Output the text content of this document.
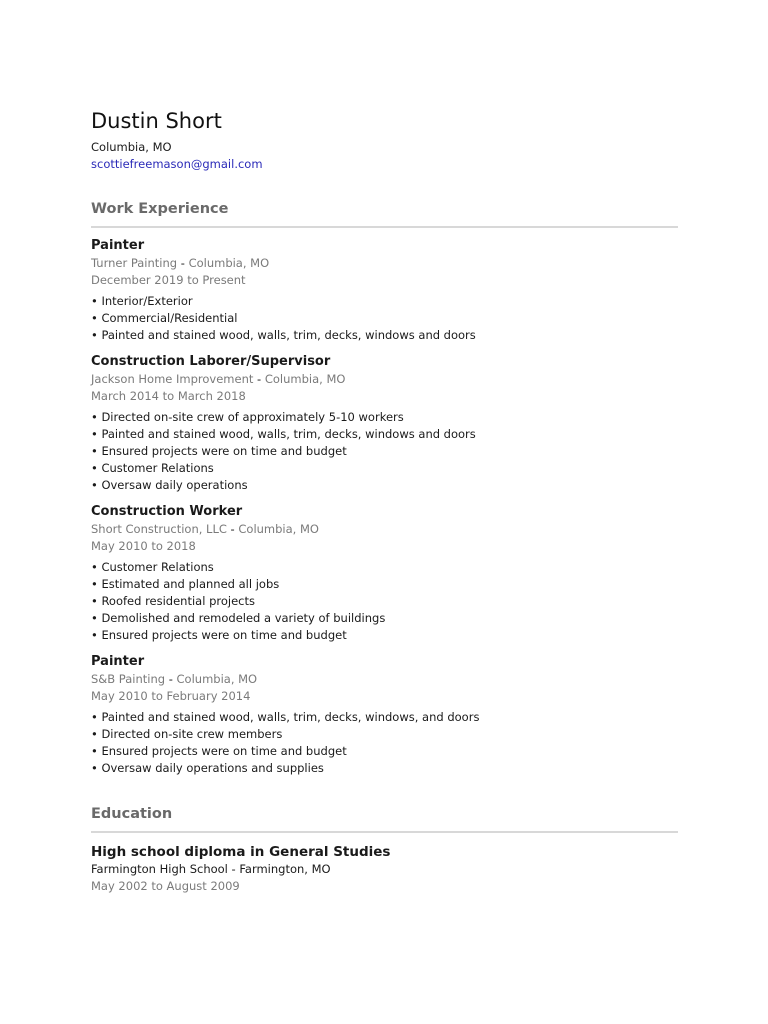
Dustin Short
Columbia, MO
scottiefreemason@gmail.com
Work Experience
Painter
Turner Painting - Columbia, MO
December 2019 to Present
• Interior/Exterior
• Commercial/Residential
• Painted and stained wood, walls, trim, decks, windows and doors
Construction Laborer/Supervisor
Jackson Home Improvement - Columbia, MO
March 2014 to March 2018
• Directed on-site crew of approximately 5-10 workers
• Painted and stained wood, walls, trim, decks, windows and doors
• Ensured projects were on time and budget
• Customer Relations
• Oversaw daily operations
Construction Worker
Short Construction, LLC - Columbia, MO
May 2010 to 2018
• Customer Relations
• Estimated and planned all jobs
• Roofed residential projects
• Demolished and remodeled a variety of buildings
• Ensured projects were on time and budget
Painter
S&B Painting - Columbia, MO
May 2010 to February 2014
• Painted and stained wood, walls, trim, decks, windows, and doors
• Directed on-site crew members
• Ensured projects were on time and budget
• Oversaw daily operations and supplies
Education
High school diploma in General Studies
Farmington High School - Farmington, MO
May 2002 to August 2009
